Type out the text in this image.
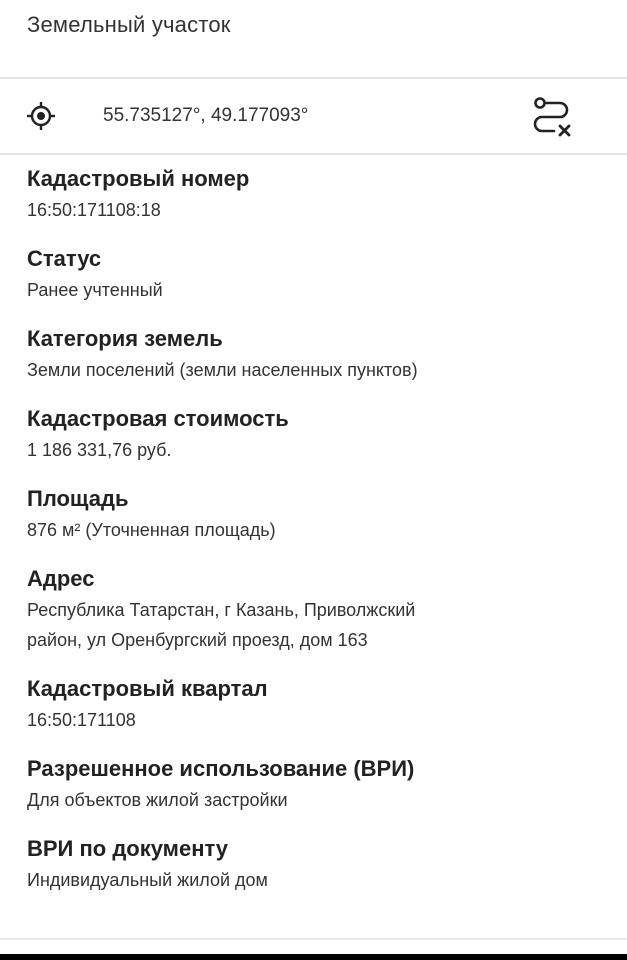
Земельный участок
55.735127°, 49.177093°
Кадастровый номер
16:50:171108:18
Статус
Ранее учтенный
Категория земель
Земли поселений (земли населенных пунктов)
Кадастровая стоимость
1 186 331,76 руб.
Площадь
876 м² (Уточненная площадь)
Адрес
Республика Татарстан, г Казань, Приволжский
район, ул Оренбургский проезд, дом 163
Кадастровый квартал
16:50:171108
Разрешенное использование (ВРИ)
Для объектов жилой застройки
ВРИ по документу
Индивидуальный жилой дом
